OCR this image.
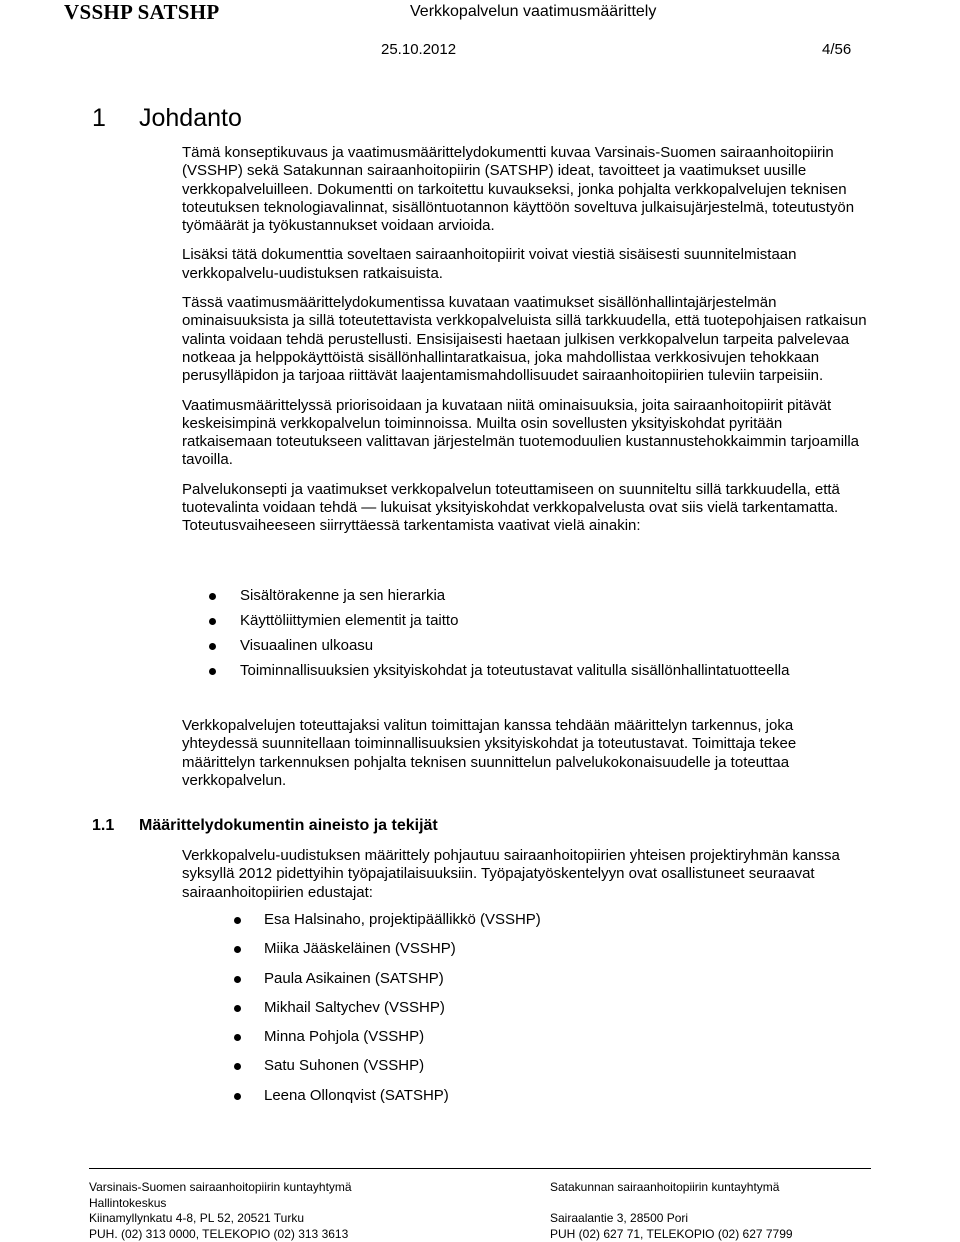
VSSHP SATSHP	Verkkopalvelun vaatimusmäärittely
25.10.2012	4/56
1 Johdanto

Tämä konseptikuvaus ja vaatimusmäärittelydokumentti kuvaa Varsinais-Suomen sairaanhoitopiirin (VSSHP) sekä Satakunnan sairaanhoitopiirin (SATSHP) ideat, tavoitteet ja vaatimukset uusille verkkopalveluilleen. Dokumentti on tarkoitettu kuvaukseksi, jonka pohjalta verkkopalvelujen teknisen toteutuksen teknologiavalinnat, sisällöntuotannon käyttöön soveltuva julkaisujärjestelmä, toteutustyön työmäärät ja työkustannukset voidaan arvioida.

Lisäksi tätä dokumenttia soveltaen sairaanhoitopiirit voivat viestiä sisäisesti suunnitelmistaan verkkopalvelu-uudistuksen ratkaisuista.

Tässä vaatimusmäärittelydokumentissa kuvataan vaatimukset sisällönhallintajärjestelmän ominaisuuksista ja sillä toteutettavista verkkopalveluista sillä tarkkuudella, että tuotepohjaisen ratkaisun valinta voidaan tehdä perustellusti. Ensisijaisesti haetaan julkisen verkkopalvelun tarpeita palvelevaa notkeaa ja helppokäyttöistä sisällönhallintaratkaisua, joka mahdollistaa verkkosivujen tehokkaan perusylläpidon ja tarjoaa riittävät laajentamismahdollisuudet sairaanhoitopiirien tuleviin tarpeisiin.

Vaatimusmäärittelyssä priorisoidaan ja kuvataan niitä ominaisuuksia, joita sairaanhoitopiirit pitävät keskeisimpinä verkkopalvelun toiminnoissa. Muilta osin sovellusten yksityiskohdat pyritään ratkaisemaan toteutukseen valittavan järjestelmän tuotemoduulien kustannustehokkaimmin tarjoamilla tavoilla.

Palvelukonsepti ja vaatimukset verkkopalvelun toteuttamiseen on suunniteltu sillä tarkkuudella, että tuotevalinta voidaan tehdä — lukuisat yksityiskohdat verkkopalvelusta ovat siis vielä tarkentamatta. Toteutusvaiheeseen siirryttäessä tarkentamista vaativat vielä ainakin:

Sisältörakenne ja sen hierarkia
Käyttöliittymien elementit ja taitto
Visuaalinen ulkoasu
Toiminnallisuuksien yksityiskohdat ja toteutustavat valitulla sisällönhallintatuotteella

Verkkopalvelujen toteuttajaksi valitun toimittajan kanssa tehdään määrittelyn tarkennus, joka yhteydessä suunnitellaan toiminnallisuuksien yksityiskohdat ja toteutustavat. Toimittaja tekee määrittelyn tarkennuksen pohjalta teknisen suunnittelun palvelukokonaisuudelle ja toteuttaa verkkopalvelun.

1.1 Määrittelydokumentin aineisto ja tekijät

Verkkopalvelu-uudistuksen määrittely pohjautuu sairaanhoitopiirien yhteisen projektiryhmän kanssa syksyllä 2012 pidettyihin työpajatilaisuuksiin. Työpajatyöskentelyyn ovat osallistuneet seuraavat sairaanhoitopiirien edustajat:

Esa Halsinaho, projektipäällikkö (VSSHP)
Miika Jääskeläinen (VSSHP)
Paula Asikainen (SATSHP)
Mikhail Saltychev (VSSHP)
Minna Pohjola (VSSHP)
Satu Suhonen (VSSHP)
Leena Ollonqvist (SATSHP)
Varsinais-Suomen sairaanhoitopiirin kuntayhtymä
Hallintokeskus
Kiinamyllynkatu 4-8, PL 52, 20521 Turku
PUH. (02) 313 0000, TELEKOPIO (02) 313 3613
Satakunnan sairaanhoitopiirin kuntayhtymä

Sairaalantie 3, 28500 Pori
PUH (02) 627 71, TELEKOPIO (02) 627 7799
